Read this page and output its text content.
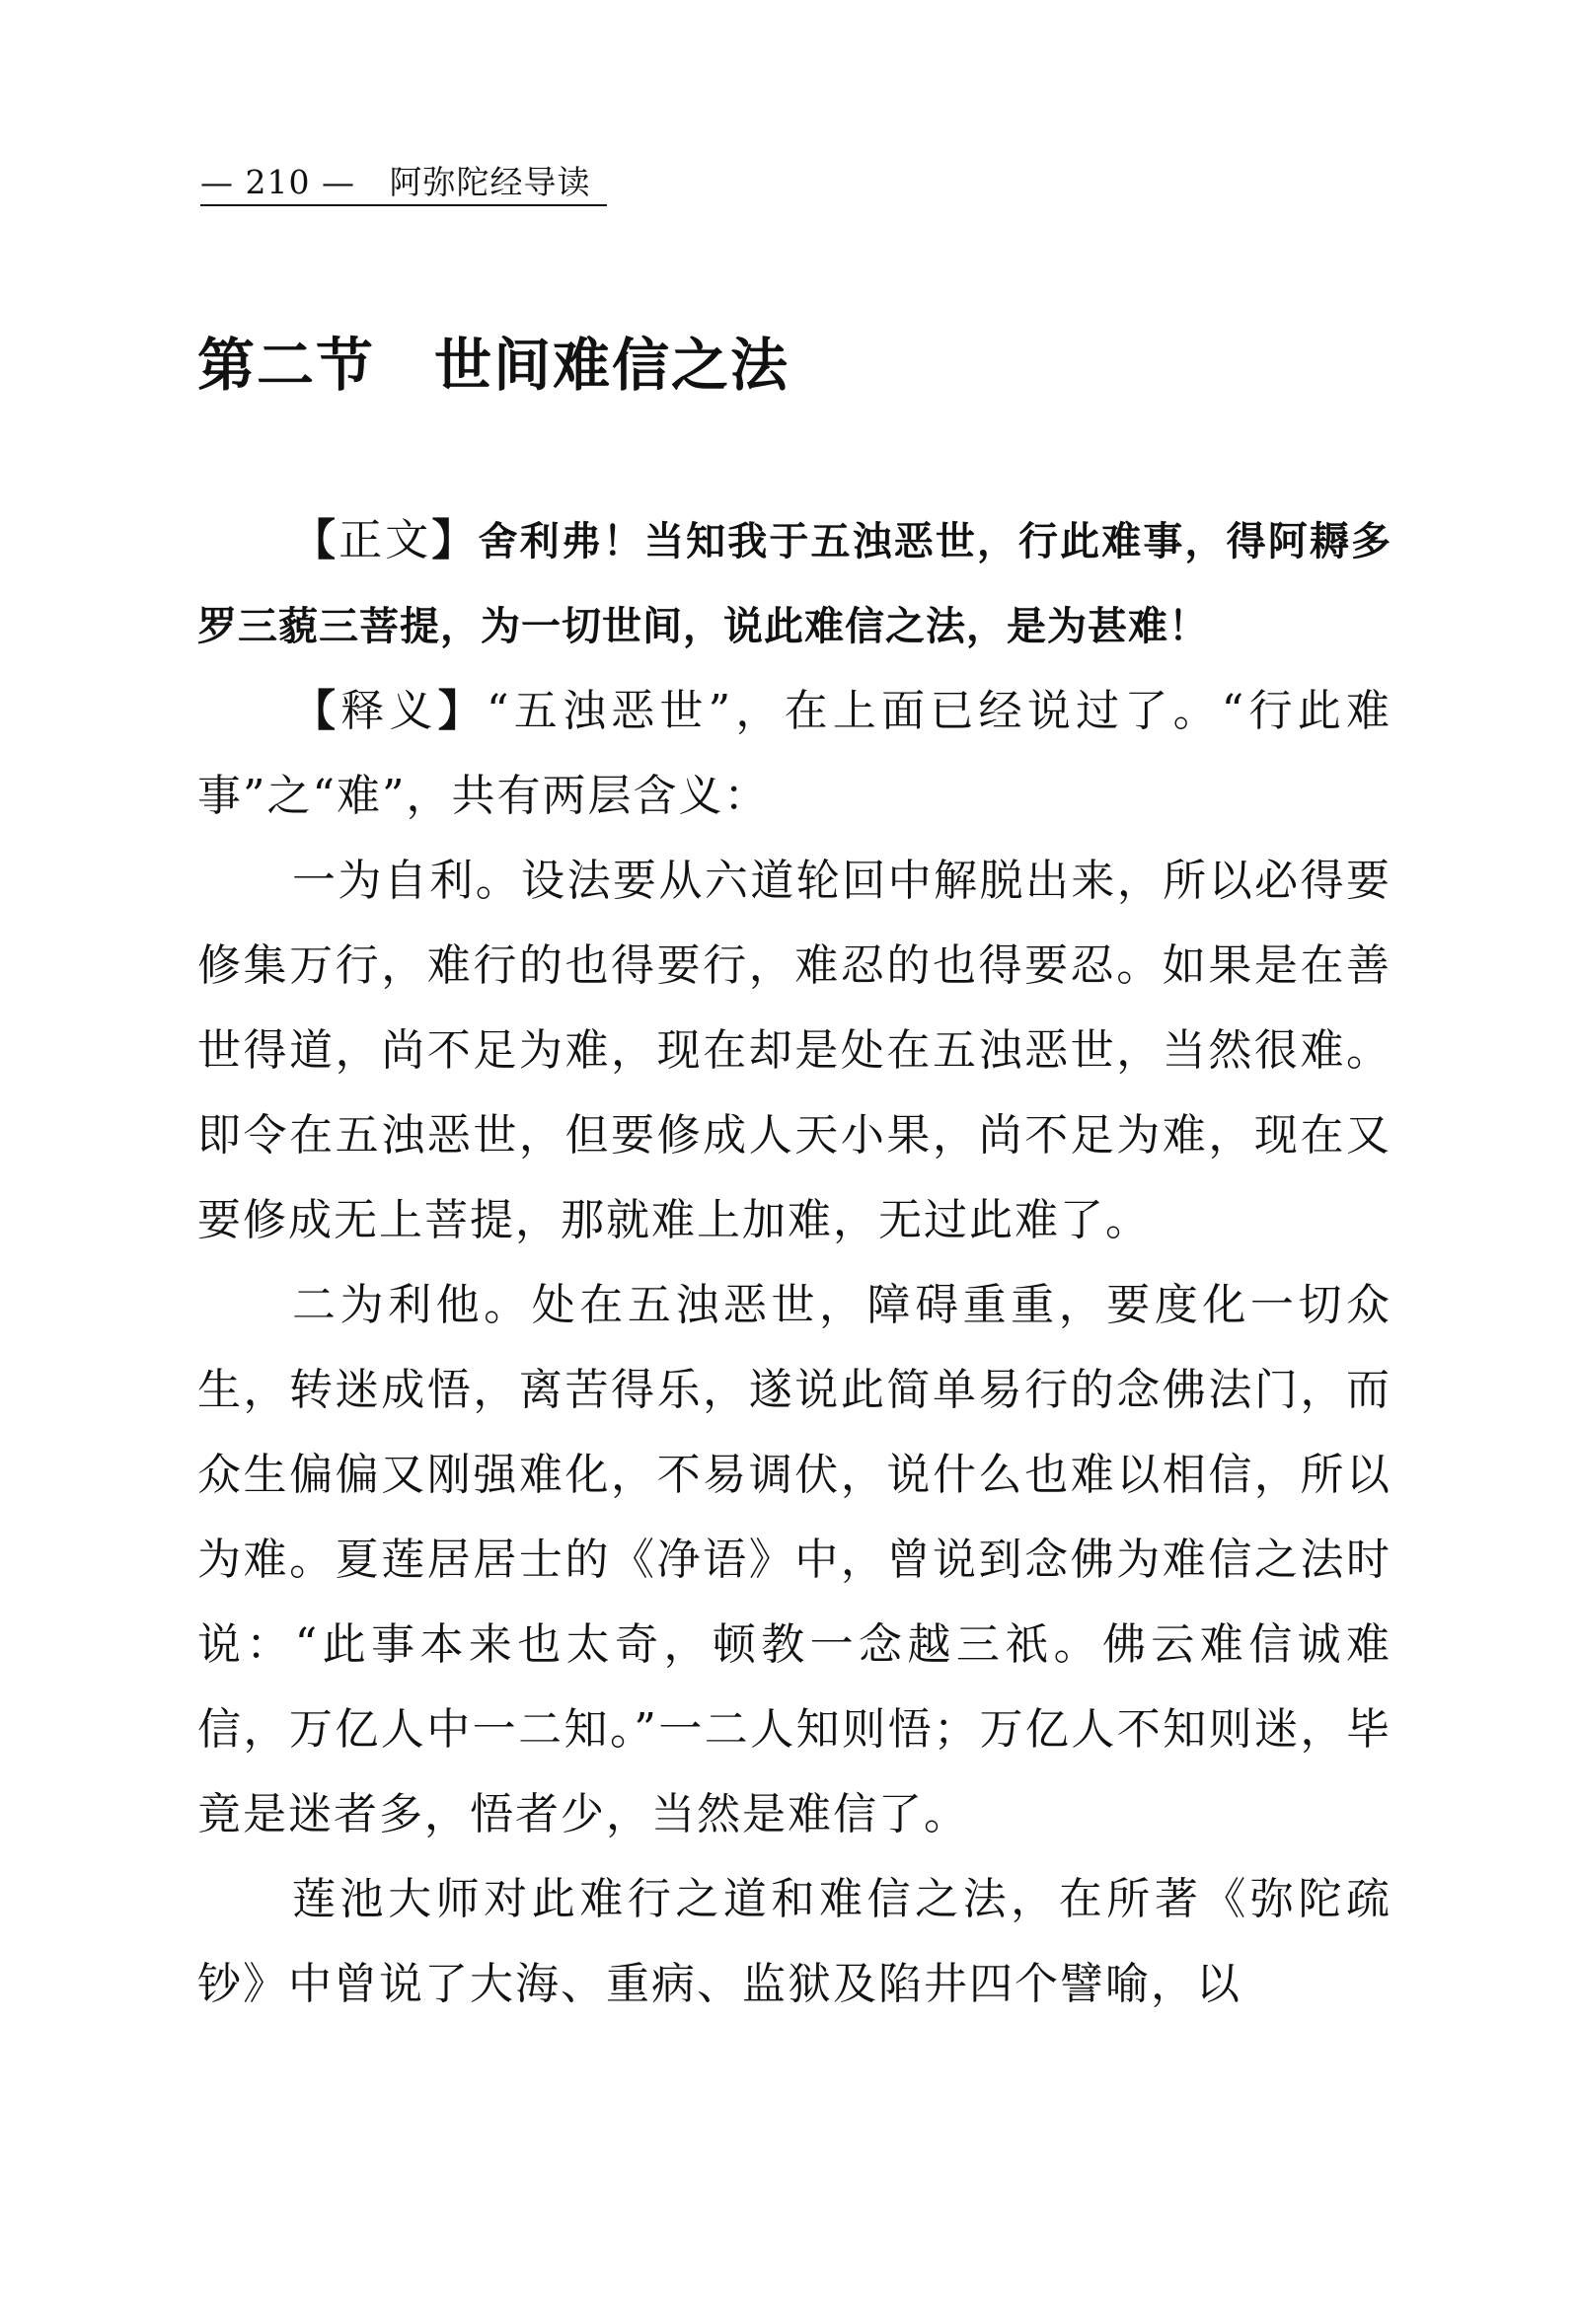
— 210 — 阿弥陀经导读
第二节 世间难信之法

【正文】舍利弗！当知我于五浊恶世，行此难事，得阿耨多罗三藐三菩提，为一切世间，说此难信之法，是为甚难！

【释义】“五浊恶世”，在上面已经说过了。“行此难事”之“难”，共有两层含义：

一为自利。设法要从六道轮回中解脱出来，所以必得要修集万行，难行的也得要行，难忍的也得要忍。如果是在善世得道，尚不足为难，现在却是处在五浊恶世，当然很难。即令在五浊恶世，但要修成人天小果，尚不足为难，现在又要修成无上菩提，那就难上加难，无过此难了。

二为利他。处在五浊恶世，障碍重重，要度化一切众生，转迷成悟，离苦得乐，遂说此简单易行的念佛法门，而众生偏偏又刚强难化，不易调伏，说什么也难以相信，所以为难。夏莲居居士的《净语》中，曾说到念佛为难信之法时说：“此事本来也太奇，顿教一念越三祇。佛云难信诚难信，万亿人中一二知。”一二人知则悟；万亿人不知则迷，毕竟是迷者多，悟者少，当然是难信了。

莲池大师对此难行之道和难信之法，在所著《弥陀疏钞》中曾说了大海、重病、监狱及陷井四个譬喻，以
